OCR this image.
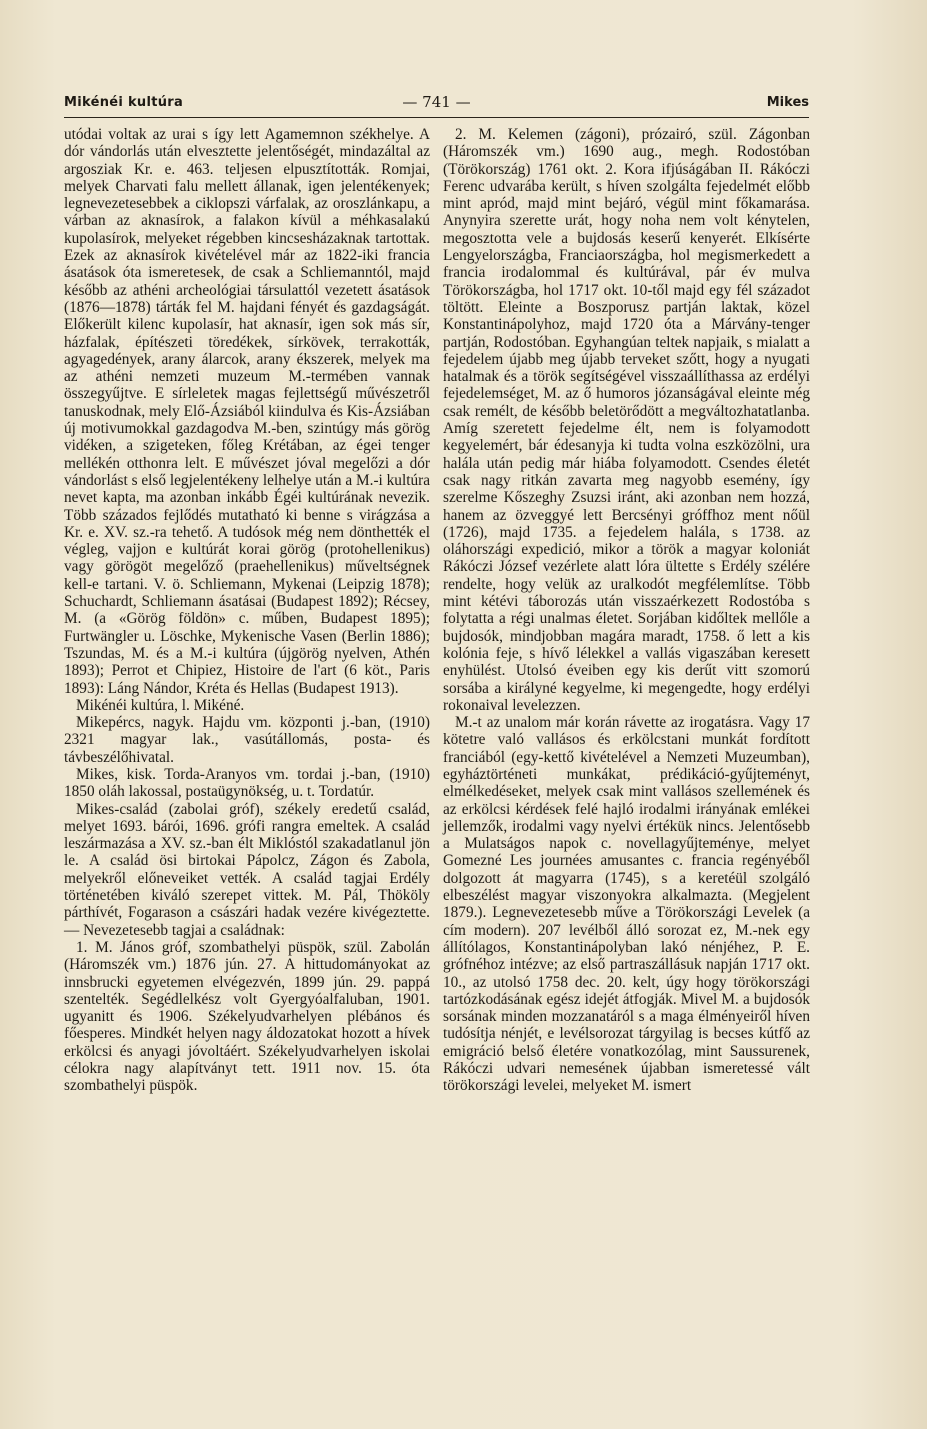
Mikénéi kultúra	— 741 —	Mikes

utódai voltak az urai s így lett Agamemnon székhelye. A dór vándorlás után elvesztette jelentőségét, mindazáltal az argosziak Kr. e. 463. teljesen elpusztították. Romjai, melyek Charvati falu mellett állanak, igen jelentékenyek; legnevezetesebbek a ciklopszi várfalak, az oroszlánkapu, a várban az aknasírok, a falakon kívül a méhkasalakú kupolasírok, melyeket régebben kincsesházaknak tartottak. Ezek az aknasírok kivételével már az 1822-iki francia ásatások óta ismeretesek, de csak a Schliemanntól, majd később az athéni archeológiai társulattól vezetett ásatások (1876—1878) tárták fel M. hajdani fényét és gazdagságát. Előkerült kilenc kupolasír, hat aknasír, igen sok más sír, házfalak, építészeti töredékek, sírkövek, terrakották, agyagedények, arany álarcok, arany ékszerek, melyek ma az athéni nemzeti muzeum M.-termében vannak összegyűjtve. E sírleletek magas fejlettségű művészetről tanuskodnak, mely Elő-Ázsiából kiindulva és Kis-Ázsiában új motivumokkal gazdagodva M.-ben, szintúgy más görög vidéken, a szigeteken, főleg Krétában, az égei tenger mellékén otthonra lelt. E művészet jóval megelőzi a dór vándorlást s első legjelentékeny lelhelye után a M.-i kultúra nevet kapta, ma azonban inkább Égéi kultúrának nevezik. Több százados fejlődés mutatható ki benne s virágzása a Kr. e. XV. sz.-ra tehető. A tudósok még nem dönthették el végleg, vajjon e kultúrát korai görög (protohellenikus) vagy görögöt megelőző (praehellenikus) műveltségnek kell-e tartani. V. ö. Schliemann, Mykenai (Leipzig 1878); Schuchardt, Schliemann ásatásai (Budapest 1892); Récsey, M. (a «Görög földön» c. műben, Budapest 1895); Furtwängler u. Löschke, Mykenische Vasen (Berlin 1886); Tszundas, M. és a M.-i kultúra (újgörög nyelven, Athén 1893); Perrot et Chipiez, Histoire de l'art (6 köt., Paris 1893): Láng Nándor, Kréta és Hellas (Budapest 1913).

Mikénéi kultúra, l. Mikéné.

Mikepércs, nagyk. Hajdu vm. központi j.-ban, (1910) 2321 magyar lak., vasútállomás, posta- és távbeszélőhivatal.

Mikes, kisk. Torda-Aranyos vm. tordai j.-ban, (1910) 1850 oláh lakossal, postaügynökség, u. t. Tordatúr.

Mikes-család (zabolai gróf), székely eredetű család, melyet 1693. bárói, 1696. grófi rangra emeltek. A család leszármazása a XV. sz.-ban élt Miklóstól szakadatlanul jön le. A család ösi birtokai Pápolcz, Zágon és Zabola, melyekről előneveiket vették. A család tagjai Erdély történetében kiváló szerepet vittek. M. Pál, Thököly párthívét, Fogarason a császári hadak vezére kivégeztette. — Nevezetesebb tagjai a családnak:

1. M. János gróf, szombathelyi püspök, szül. Zabolán (Háromszék vm.) 1876 jún. 27. A hittudományokat az innsbrucki egyetemen elvégezvén, 1899 jún. 29. pappá szentelték. Segédlelkész volt Gyergyóalfaluban, 1901. ugyanitt és 1906. Székelyudvarhelyen plébános és főesperes. Mindkét helyen nagy áldozatokat hozott a hívek erkölcsi és anyagi jóvoltáért. Székelyudvarhelyen iskolai célokra nagy alapítványt tett. 1911 nov. 15. óta szombathelyi püspök.

2. M. Kelemen (zágoni), prózairó, szül. Zágonban (Háromszék vm.) 1690 aug., megh. Rodostóban (Törökország) 1761 okt. 2. Kora ifjúságában II. Rákóczi Ferenc udvarába került, s híven szolgálta fejedelmét előbb mint apród, majd mint bejáró, végül mint főkamarása. Anynyira szerette urát, hogy noha nem volt kénytelen, megosztotta vele a bujdosás keserű kenyerét. Elkísérte Lengyelországba, Franciaországba, hol megismerkedett a francia irodalommal és kultúrával, pár év mulva Törökországba, hol 1717 okt. 10-től majd egy fél századot töltött. Eleinte a Boszporusz partján laktak, közel Konstantinápolyhoz, majd 1720 óta a Márvány-tenger partján, Rodostóban. Egyhangúan teltek napjaik, s mialatt a fejedelem újabb meg újabb terveket szőtt, hogy a nyugati hatalmak és a török segítségével visszaállíthassa az erdélyi fejedelemséget, M. az ő humoros józanságával eleinte még csak remélt, de később beletörődött a megváltozhatatlanba. Amíg szeretett fejedelme élt, nem is folyamodott kegyelemért, bár édesanyja ki tudta volna eszközölni, ura halála után pedig már hiába folyamodott. Csendes életét csak nagy ritkán zavarta meg nagyobb esemény, így szerelme Kőszeghy Zsuzsi iránt, aki azonban nem hozzá, hanem az özveggyé lett Bercsényi gróffhoz ment nőül (1726), majd 1735. a fejedelem halála, s 1738. az oláhországi expedició, mikor a török a magyar koloniát Rákóczi József vezérlete alatt lóra ültette s Erdély szélére rendelte, hogy velük az uralkodót megfélemlítse. Több mint kétévi táborozás után visszaérkezett Rodostóba s folytatta a régi unalmas életet. Sorjában kidőltek mellőle a bujdosók, mindjobban magára maradt, 1758. ő lett a kis kolónia feje, s hívő lélekkel a vallás vigaszában keresett enyhülést. Utolsó éveiben egy kis derűt vitt szomorú sorsába a királyné kegyelme, ki megengedte, hogy erdélyi rokonaival levelezzen.

M.-t az unalom már korán rávette az irogatásra. Vagy 17 kötetre való vallásos és erkölcstani munkát fordított franciából (egy-kettő kivételével a Nemzeti Muzeumban), egyháztörténeti munkákat, prédikáció-gyűjteményt, elmélkedéseket, melyek csak mint vallásos szellemének és az erkölcsi kérdések felé hajló irodalmi irányának emlékei jellemzők, irodalmi vagy nyelvi értékük nincs. Jelentősebb a Mulatságos napok c. novellagyűjteménye, melyet Gomezné Les journées amusantes c. francia regényéből dolgozott át magyarra (1745), s a keretéül szolgáló elbeszélést magyar viszonyokra alkalmazta. (Megjelent 1879.). Legnevezetesebb műve a Törökországi Levelek (a cím modern). 207 levélből álló sorozat ez, M.-nek egy állítólagos, Konstantinápolyban lakó nénjéhez, P. E. grófnéhoz intézve; az első partraszállásuk napján 1717 okt. 10., az utolsó 1758 dec. 20. kelt, úgy hogy törökországi tartózkodásának egész idejét átfogják. Mivel M. a bujdosók sorsának minden mozzanatáról s a maga élményeiről híven tudósítja nénjét, e levélsorozat tárgyilag is becses kútfő az emigráció belső életére vonatkozólag, mint Saussurenek, Rákóczi udvari nemesének újabban ismeretessé vált törökországi levelei, melyeket M. ismert
